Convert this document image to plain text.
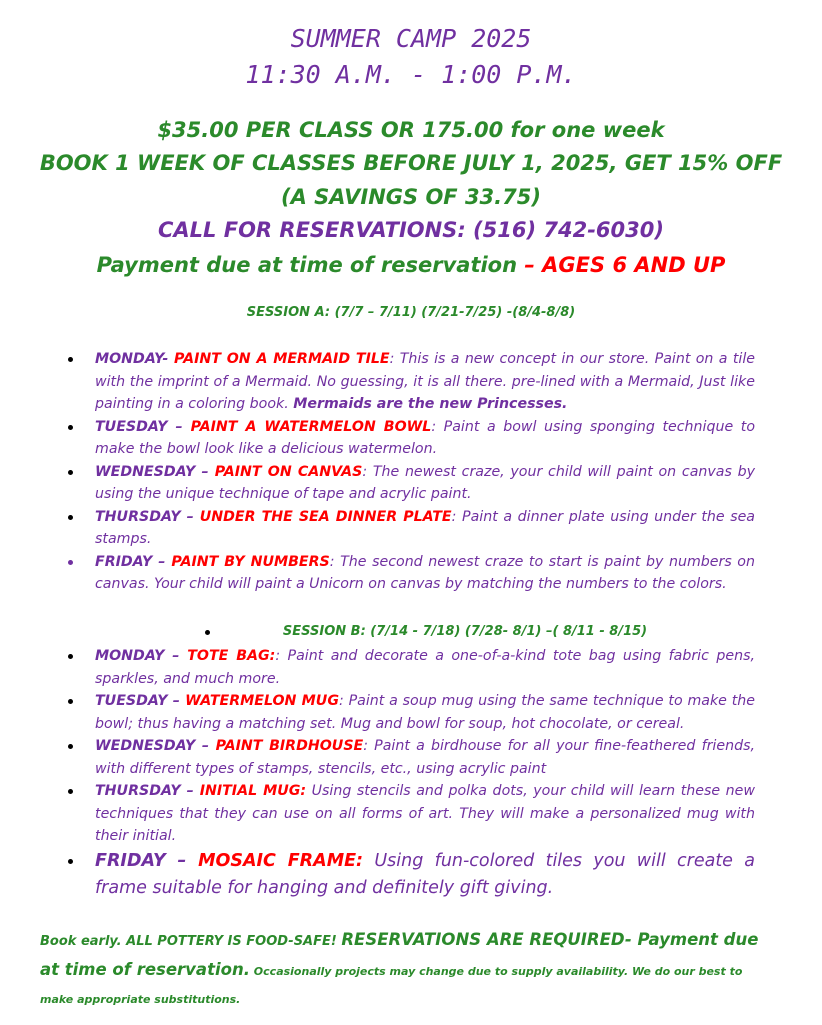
SUMMER CAMP 2025
11:30 A.M. - 1:00 P.M.
$35.00 PER CLASS OR 175.00 for one week
BOOK 1 WEEK OF CLASSES BEFORE JULY 1, 2025, GET 15% OFF
(A SAVINGS OF 33.75)
CALL FOR RESERVATIONS: (516) 742-6030)
Payment due at time of reservation – AGES 6 AND UP
SESSION A: (7/7 – 7/11) (7/21-7/25) -(8/4-8/8)
MONDAY- PAINT ON A MERMAID TILE: This is a new concept in our store. Paint on a tile with the imprint of a Mermaid. No guessing, it is all there. pre-lined with a Mermaid, Just like painting in a coloring book. Mermaids are the new Princesses.
TUESDAY – PAINT A WATERMELON BOWL: Paint a bowl using sponging technique to make the bowl look like a delicious watermelon.
WEDNESDAY – PAINT ON CANVAS: The newest craze, your child will paint on canvas by using the unique technique of tape and acrylic paint.
THURSDAY – UNDER THE SEA DINNER PLATE: Paint a dinner plate using under the sea stamps.
FRIDAY – PAINT BY NUMBERS: The second newest craze to start is paint by numbers on canvas. Your child will paint a Unicorn on canvas by matching the numbers to the colors.
SESSION B: (7/14 - 7/18) (7/28- 8/1) –( 8/11 - 8/15)
MONDAY – TOTE BAG:: Paint and decorate a one-of-a-kind tote bag using fabric pens, sparkles, and much more.
TUESDAY – WATERMELON MUG: Paint a soup mug using the same technique to make the bowl; thus having a matching set. Mug and bowl for soup, hot chocolate, or cereal.
WEDNESDAY – PAINT BIRDHOUSE: Paint a birdhouse for all your fine-feathered friends, with different types of stamps, stencils, etc., using acrylic paint
THURSDAY – INITIAL MUG: Using stencils and polka dots, your child will learn these new techniques that they can use on all forms of art. They will make a personalized mug with their initial.
FRIDAY – MOSAIC FRAME: Using fun-colored tiles you will create a frame suitable for hanging and definitely gift giving.
Book early. ALL POTTERY IS FOOD-SAFE! RESERVATIONS ARE REQUIRED- Payment due at time of reservation. Occasionally projects may change due to supply availability. We do our best to make appropriate substitutions.
